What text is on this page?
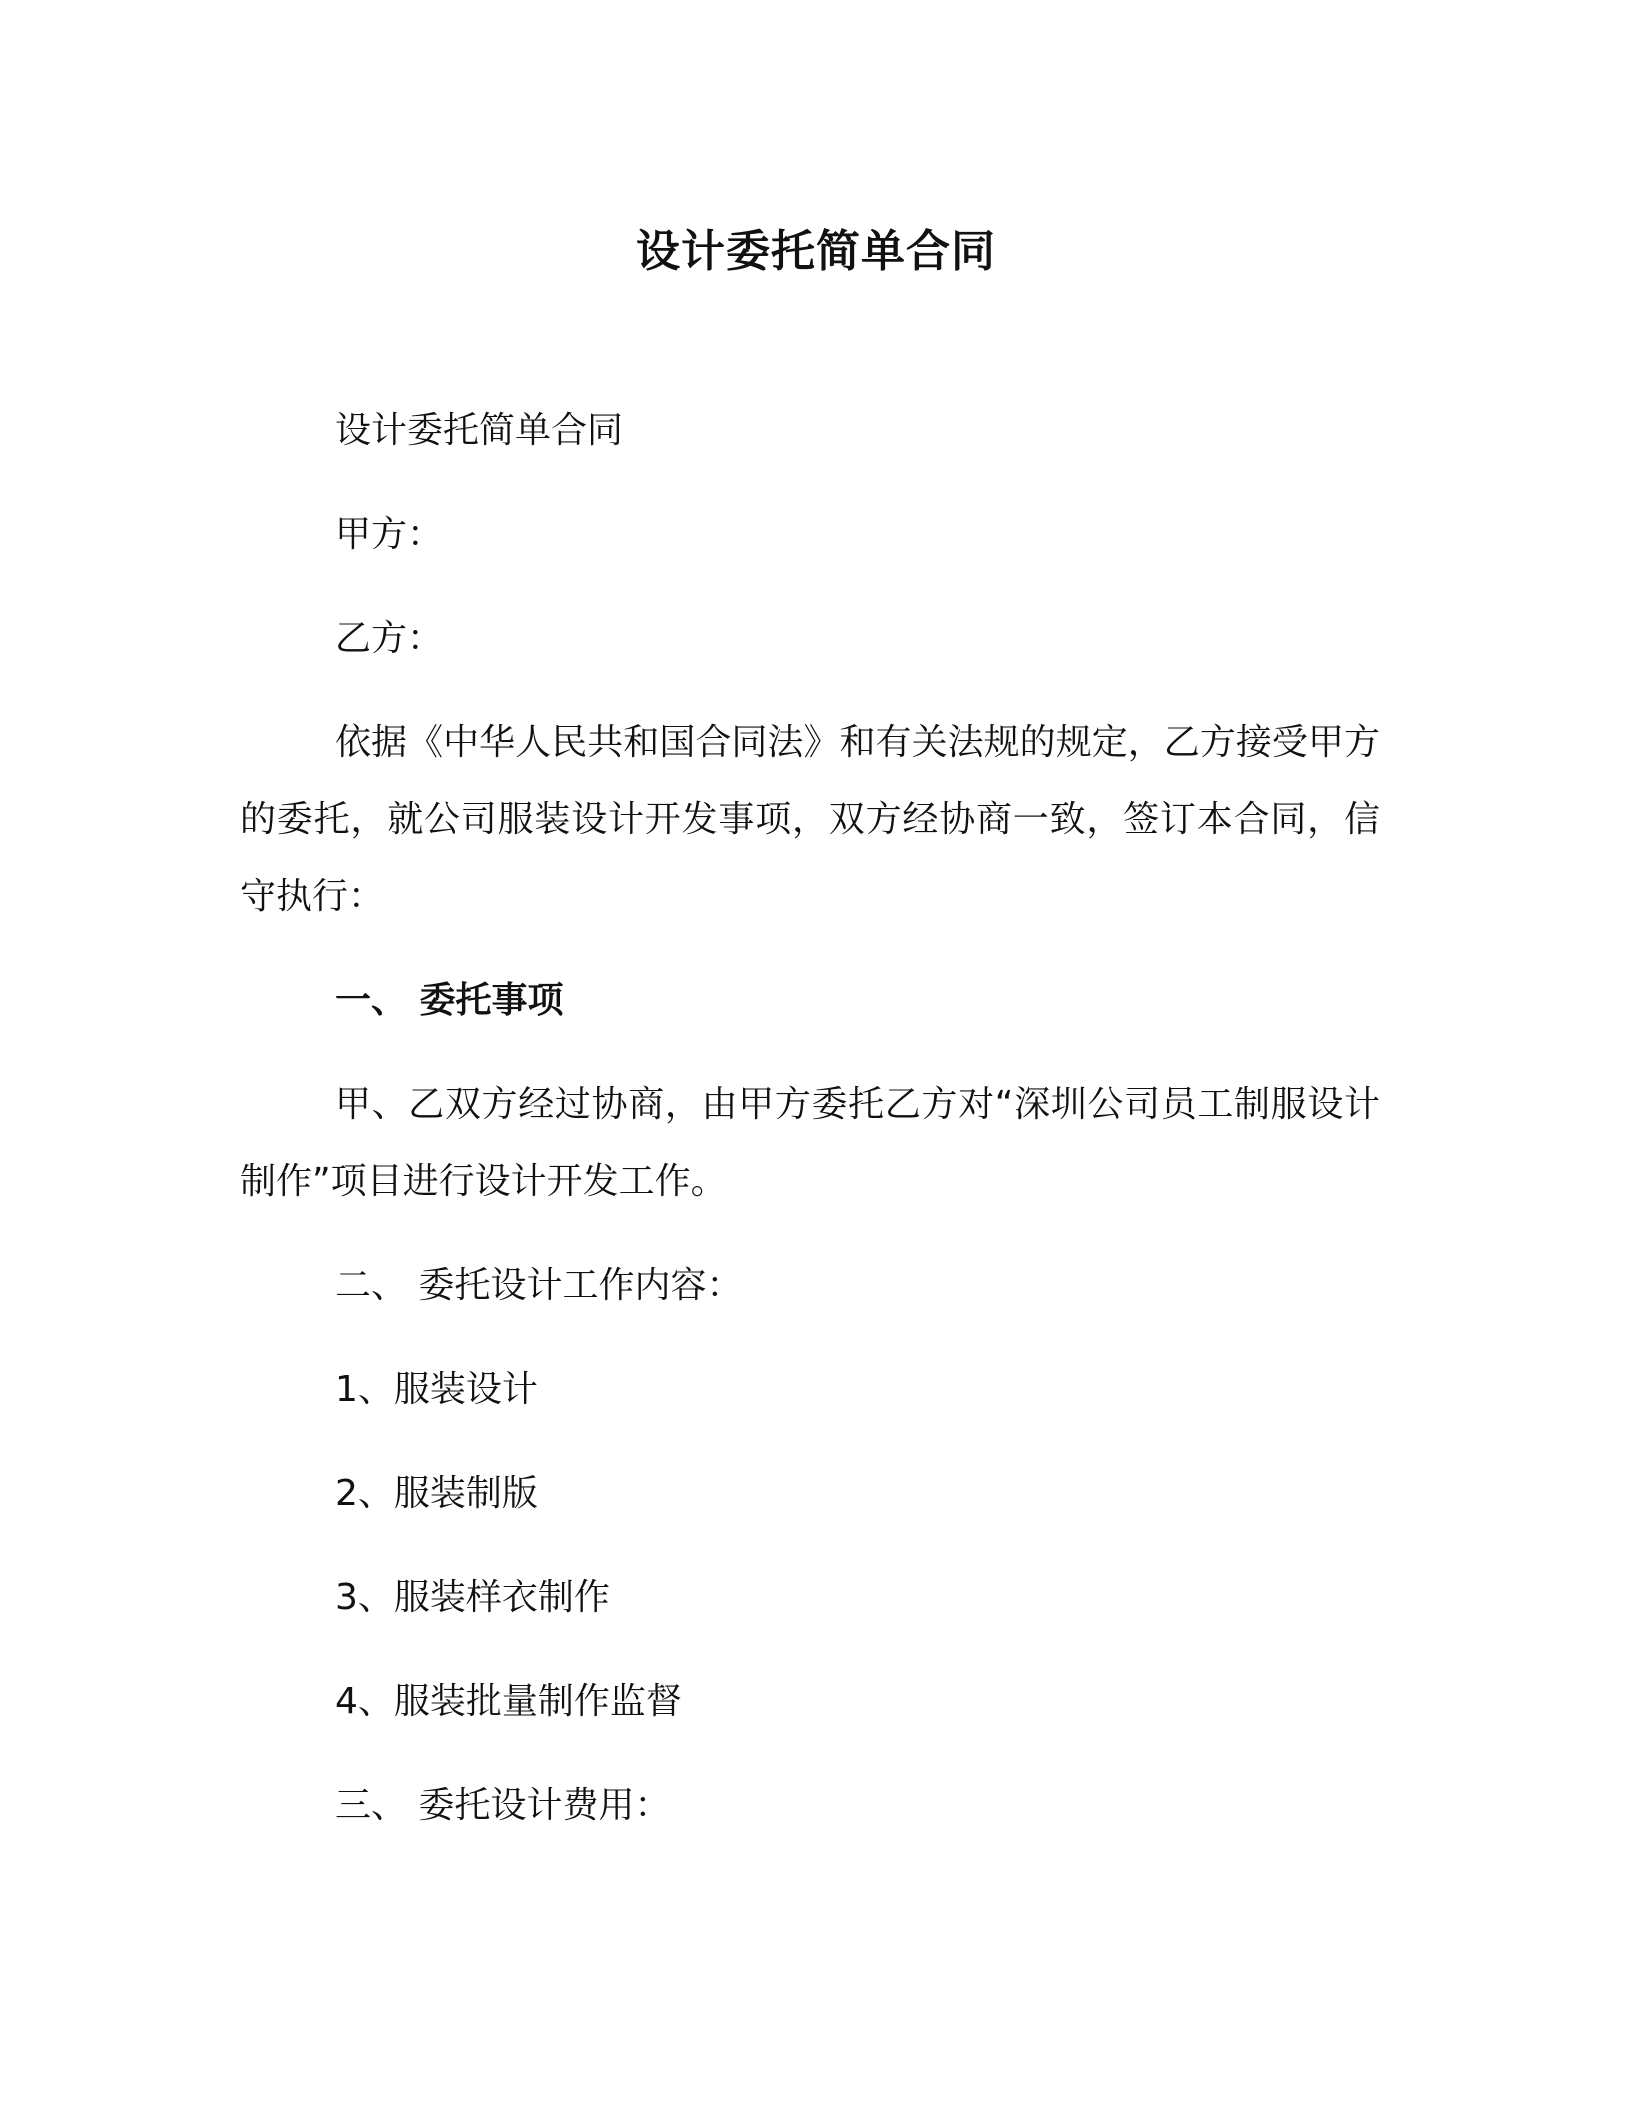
设计委托简单合同

设计委托简单合同

甲方：

乙方：

依据《中华人民共和国合同法》和有关法规的规定，乙方接受甲方的委托，就公司服装设计开发事项，双方经协商一致，签订本合同，信守执行：

一、 委托事项

甲、乙双方经过协商，由甲方委托乙方对“深圳公司员工制服设计制作”项目进行设计开发工作。

二、 委托设计工作内容：

1、服装设计

2、服装制版

3、服装样衣制作

4、服装批量制作监督

三、 委托设计费用：
